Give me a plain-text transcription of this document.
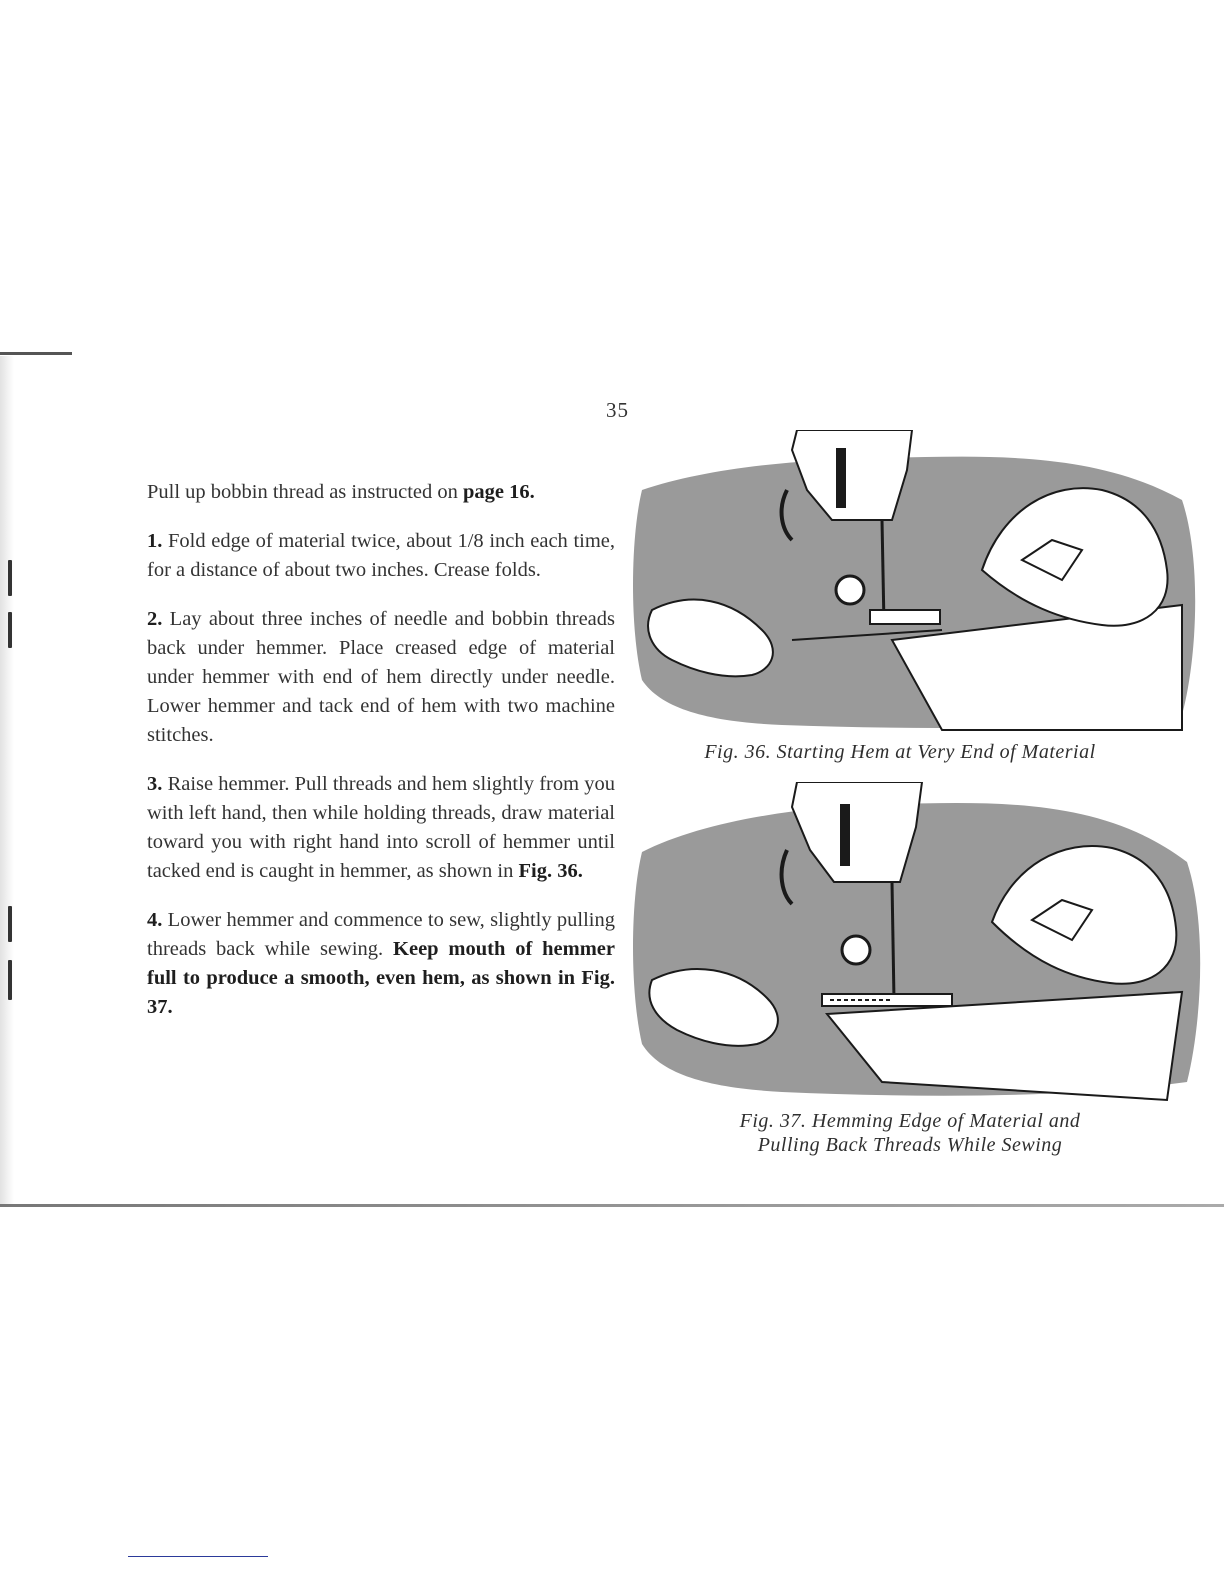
35

Pull up bobbin thread as instructed on page 16.

1. Fold edge of material twice, about 1/8 inch each time, for a distance of about two inches. Crease folds.

2. Lay about three inches of needle and bobbin threads back under hemmer. Place creased edge of material under hemmer with end of hem directly under needle. Lower hemmer and tack end of hem with two machine stitches.

3. Raise hemmer. Pull threads and hem slightly from you with left hand, then while holding threads, draw material toward you with right hand into scroll of hemmer until tacked end is caught in hemmer, as shown in Fig. 36.

4. Lower hemmer and commence to sew, slightly pulling threads back while sewing. Keep mouth of hemmer full to produce a smooth, even hem, as shown in Fig. 37.

Fig. 36. Starting Hem at Very End of Material
Fig. 37. Hemming Edge of Material and
Pulling Back Threads While Sewing
